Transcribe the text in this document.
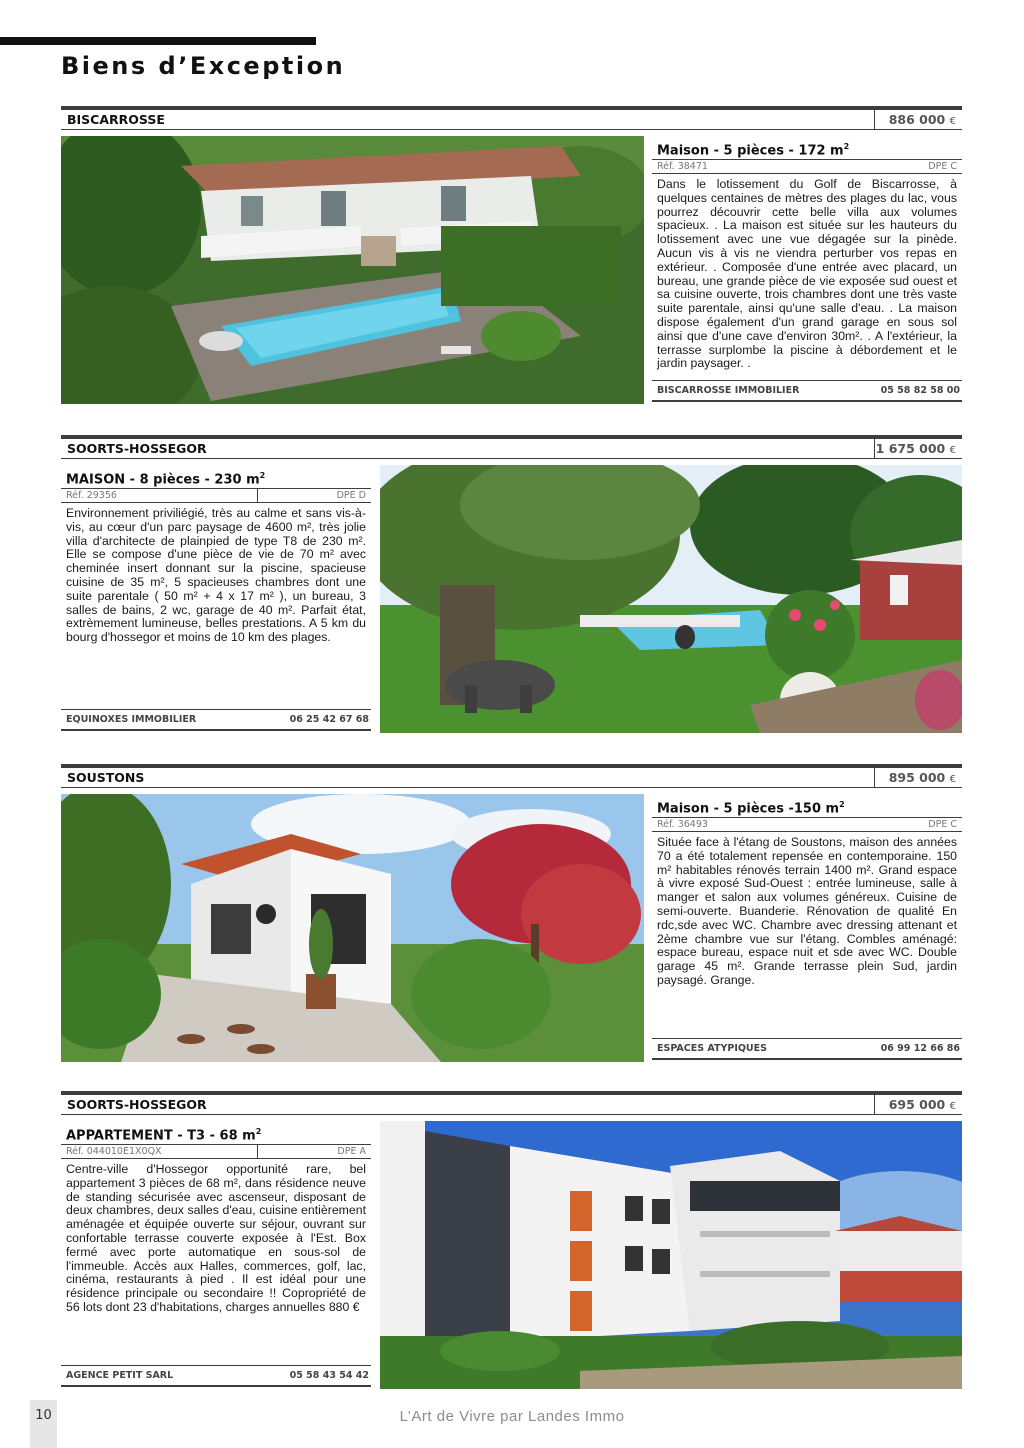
Biens d’Exception
BISCARROSSE	886 000 €
Maison - 5 pièces - 172 $m^2$
Réf. 38471	DPE C

Dans le lotissement du Golf de Biscarrosse, à quelques centaines de mètres des plages du lac, vous pourrez découvrir cette belle villa aux volumes spacieux. . La maison est située sur les hauteurs du lotissement avec une vue dégagée sur la pinède. Aucun vis à vis ne viendra perturber vos repas en extérieur. . Composée d'une entrée avec placard, un bureau, une grande pièce de vie exposée sud ouest et sa cuisine ouverte, trois chambres dont une très vaste suite parentale, ainsi qu'une salle d'eau. . La maison dispose également d'un grand garage en sous sol ainsi que d'une cave d'environ 30m². . A l'extérieur, la terrasse surplombe la piscine à débordement et le jardin paysager. .

BISCARROSSE IMMOBILIER	05 58 82 58 00
SOORTS-HOSSEGOR	1 675 000 €
MAISON - 8 pièces - 230 $m^2$
Réf. 29356	DPE D

Environnement priviliégié, très au calme et sans vis-à-vis, au cœur d'un parc paysage de 4600 m², très jolie villa d'architecte de plainpied de type T8 de 230 m². Elle se compose d'une pièce de vie de 70 m² avec cheminée insert donnant sur la piscine, spacieuse cuisine de 35 m², 5 spacieuses chambres dont une suite parentale ( 50 m² + 4 x 17 m² ), un bureau, 3 salles de bains, 2 wc, garage de 40 m². Parfait état, extrèmement lumineuse, belles prestations. A 5 km du bourg d'hossegor et moins de 10 km des plages.

EQUINOXES IMMOBILIER	06 25 42 67 68
SOUSTONS	895 000 €
Maison - 5 pièces -150 $m^2$
Réf. 36493	DPE C

Située face à l'étang de Soustons, maison des années 70 a été totalement repensée en contemporaine. 150 m² habitables rénovés terrain 1400 m². Grand espace à vivre exposé Sud-Ouest : entrée lumineuse, salle à manger et salon aux volumes généreux. Cuisine de semi-ouverte. Buanderie. Rénovation de qualité En rdc,sde avec WC. Chambre avec dressing attenant et 2ème chambre vue sur l'étang. Combles aménagé: espace bureau, espace nuit et sde avec WC. Double garage 45 m². Grande terrasse plein Sud, jardin paysagé. Grange.

ESPACES ATYPIQUES	06 99 12 66 86
SOORTS-HOSSEGOR	695 000 €
APPARTEMENT - T3 - 68 $m^2$
Réf. 044010E1X0QX	DPE A

Centre-ville d'Hossegor opportunité rare, bel appartement 3 pièces de 68 m², dans résidence neuve de standing sécurisée avec ascenseur, disposant de deux chambres, deux salles d'eau, cuisine entièrement aménagée et équipée ouverte sur séjour, ouvrant sur confortable terrasse couverte exposée à l'Est. Box fermé avec porte automatique en sous-sol de l'immeuble. Accès aux Halles, commerces, golf, lac, cinéma, restaurants à pied . Il est idéal pour une résidence principale ou secondaire !! Copropriété de 56 lots dont 23 d'habitations, charges annuelles 880 €

AGENCE PETIT SARL	05 58 43 54 42
10	L’Art de Vivre par Landes Immo
